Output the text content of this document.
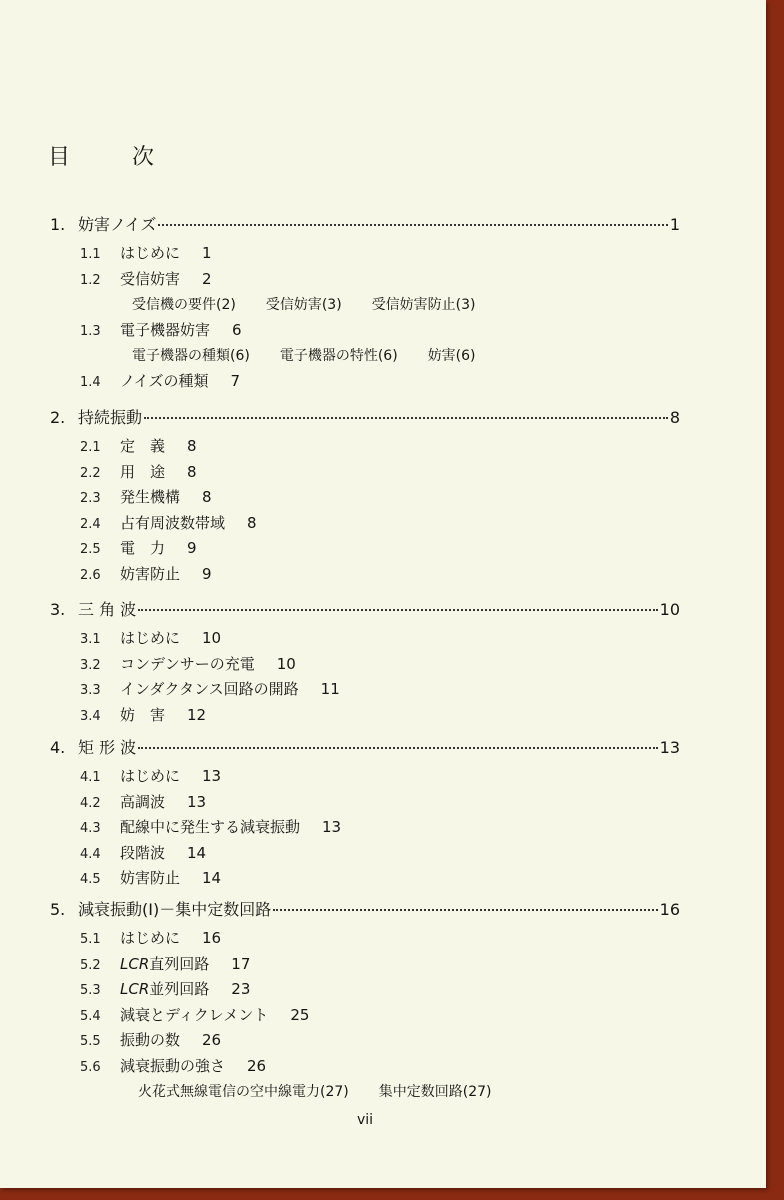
目　次
1. 妨害ノイズ	1
1.1 はじめに 1
1.2 受信妨害 2
受信機の要件(2) 受信妨害(3) 受信妨害防止(3)
1.3 電子機器妨害 6
電子機器の種類(6) 電子機器の特性(6) 妨害(6)
1.4 ノイズの種類 7
2. 持続振動	8
2.1 定　義 8
2.2 用　途 8
2.3 発生機構 8
2.4 占有周波数帯域 8
2.5 電　力 9
2.6 妨害防止 9
3. 三 角 波	10
3.1 はじめに 10
3.2 コンデンサーの充電 10
3.3 インダクタンス回路の開路 11
3.4 妨　害 12
4. 矩 形 波	13
4.1 はじめに 13
4.2 高調波 13
4.3 配線中に発生する減衰振動 13
4.4 段階波 14
4.5 妨害防止 14
5. 減衰振動(I)－集中定数回路	16
5.1 はじめに 16
5.2 LCR直列回路 17
5.3 LCR並列回路 23
5.4 減衰とディクレメント 25
5.5 振動の数 26
5.6 減衰振動の強さ 26
火花式無線電信の空中線電力(27) 集中定数回路(27)
vii
